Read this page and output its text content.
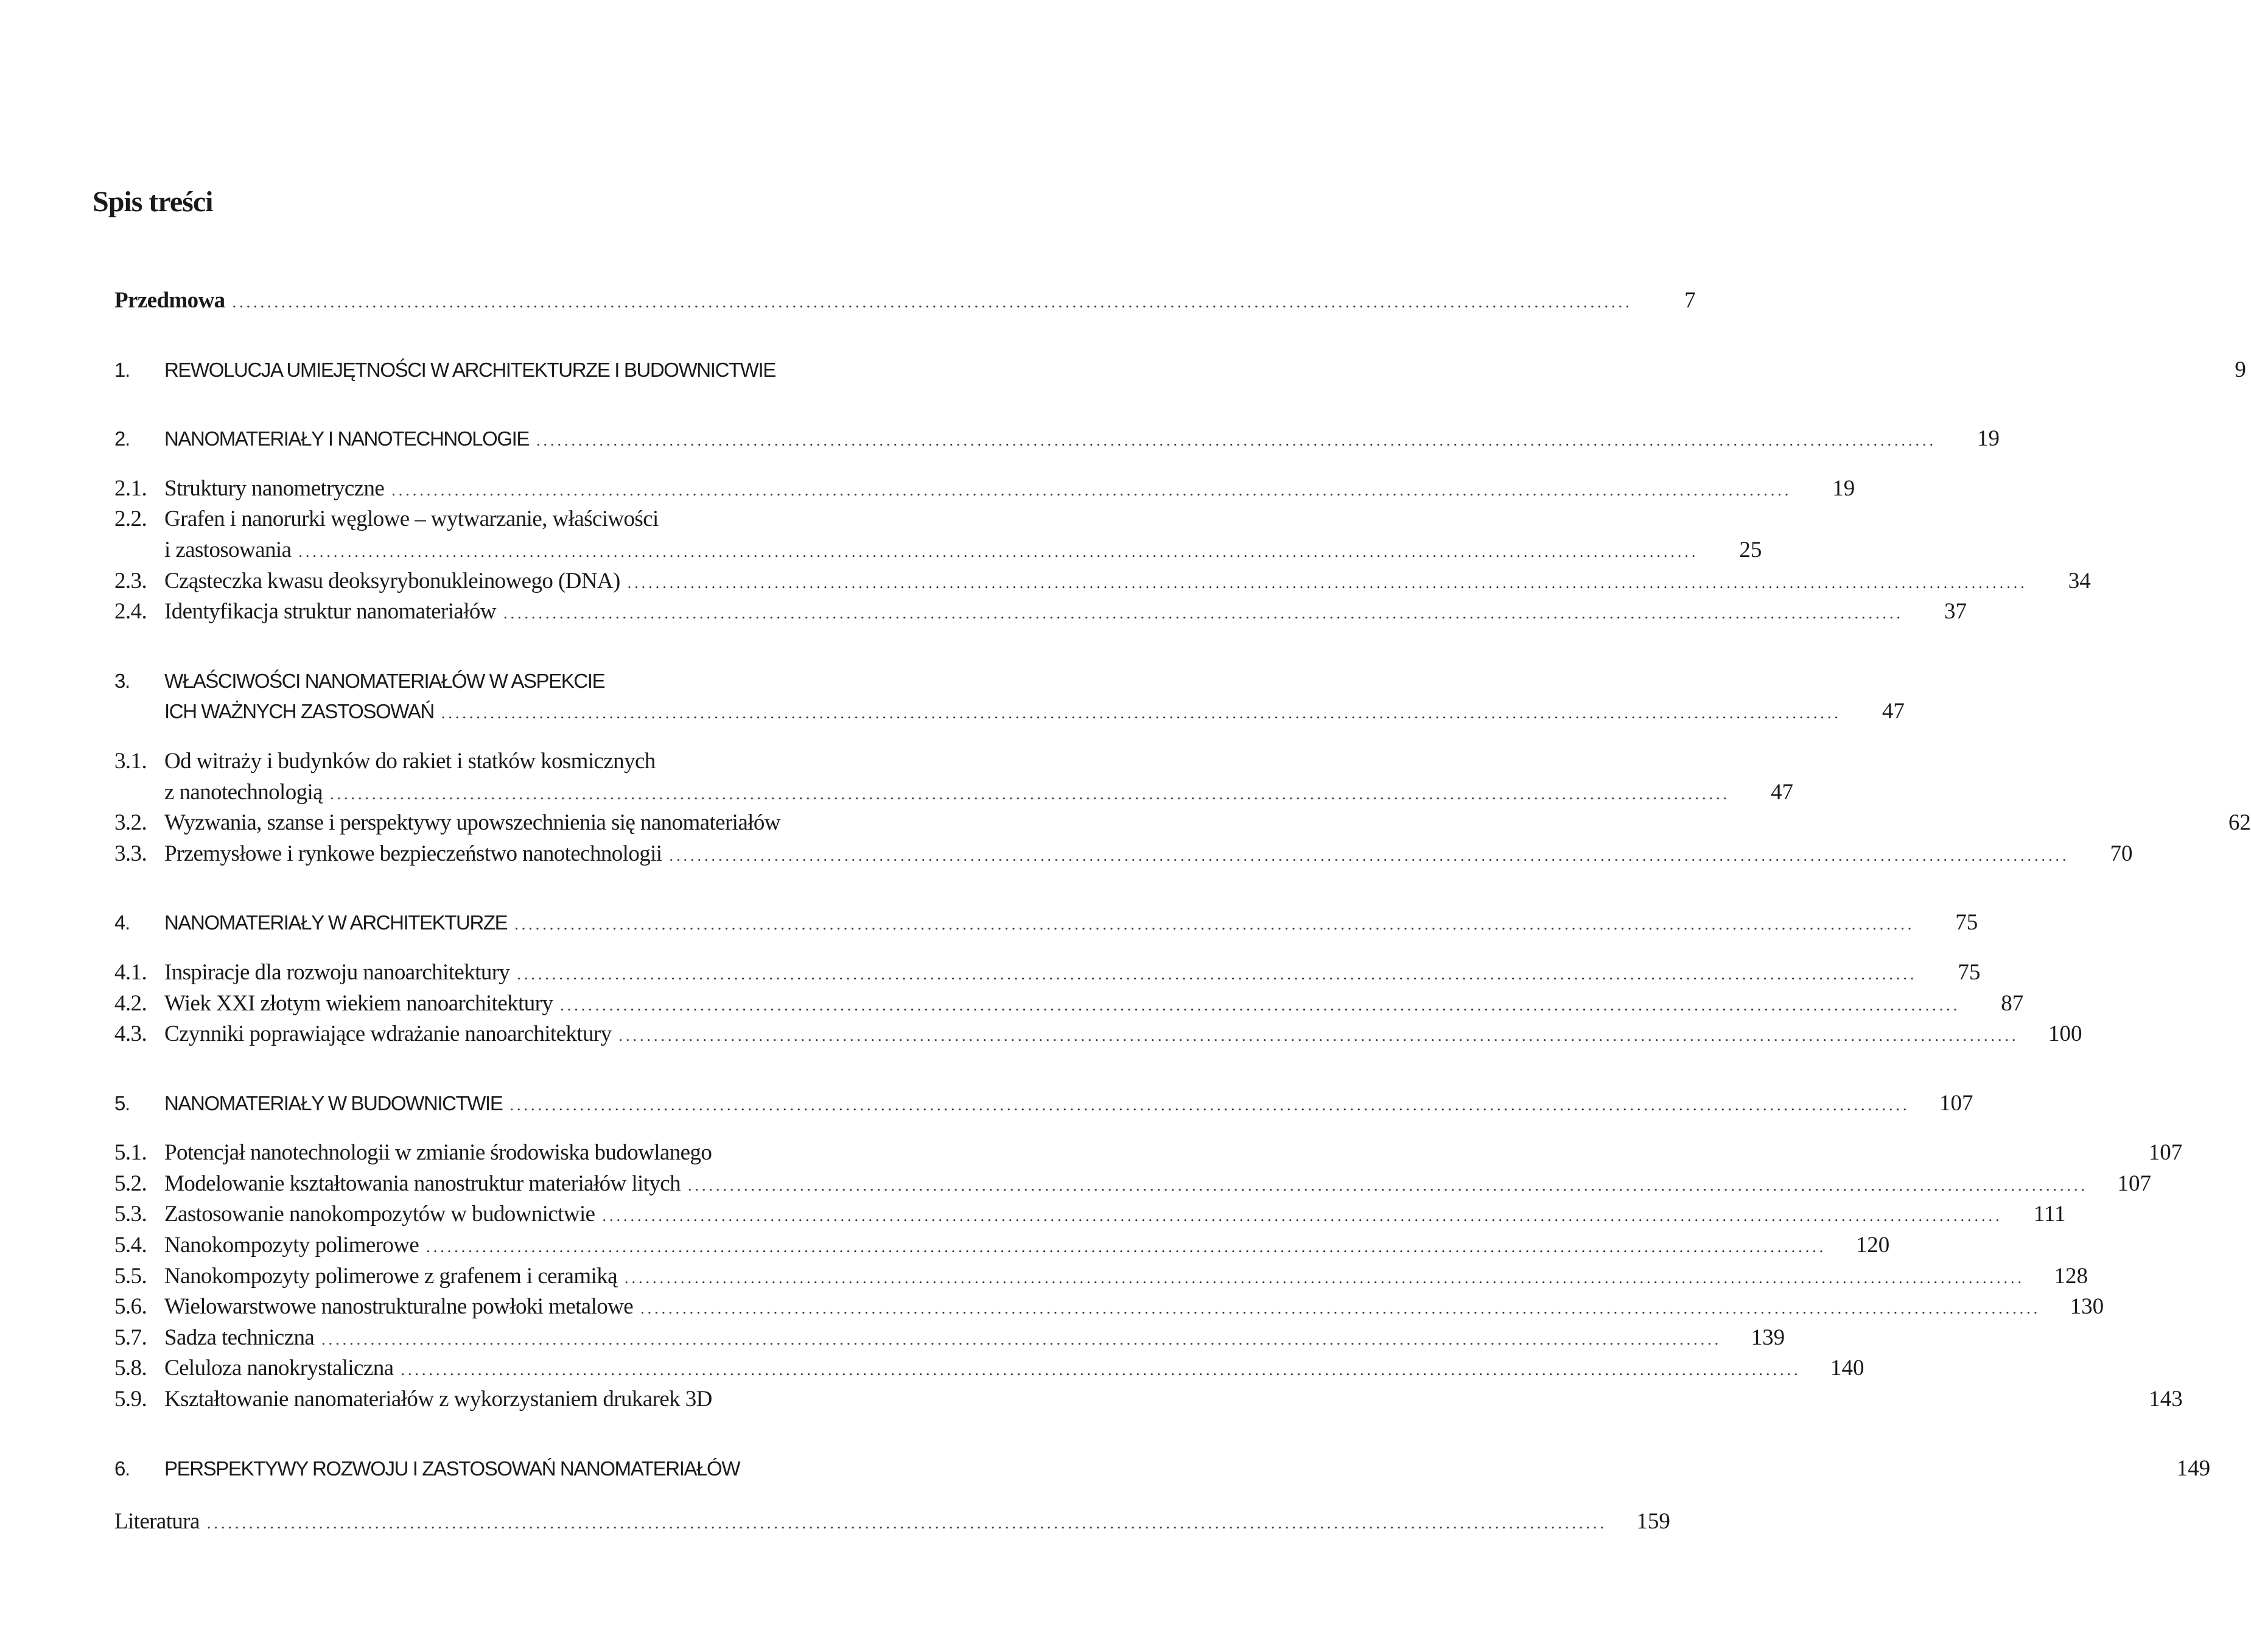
Spis treści
Przedmowa ........................................................................................................................................................................................................	7
1.	REWOLUCJA UMIEJĘTNOŚCI W ARCHITEKTURZE I BUDOWNICTWIE	9
2.	NANOMATERIAŁY I NANOTECHNOLOGIE ........................................................................................................................................................................................................	19
2.1. Struktury nanometryczne ........................................................................................................................................................................................................	19
2.2. Grafen i nanorurki węglowe – wytwarzanie, właściwości
i zastosowania ........................................................................................................................................................................................................	25
2.3. Cząsteczka kwasu deoksyrybonukleinowego (DNA) ........................................................................................................................................................................................................	34
2.4. Identyfikacja struktur nanomateriałów ........................................................................................................................................................................................................	37
3.	WŁAŚCIWOŚCI NANOMATERIAŁÓW W ASPEKCIE
ICH WAŻNYCH ZASTOSOWAŃ ........................................................................................................................................................................................................	47
3.1. Od witraży i budynków do rakiet i statków kosmicznych
z nanotechnologią ........................................................................................................................................................................................................	47
3.2. Wyzwania, szanse i perspektywy upowszechnienia się nanomateriałów	62
3.3. Przemysłowe i rynkowe bezpieczeństwo nanotechnologii ........................................................................................................................................................................................................	70
4.	NANOMATERIAŁY W ARCHITEKTURZE ........................................................................................................................................................................................................	75
4.1. Inspiracje dla rozwoju nanoarchitektury ........................................................................................................................................................................................................	75
4.2. Wiek XXI złotym wiekiem nanoarchitektury ........................................................................................................................................................................................................	87
4.3. Czynniki poprawiające wdrażanie nanoarchitektury ........................................................................................................................................................................................................	100
5.	NANOMATERIAŁY W BUDOWNICTWIE ........................................................................................................................................................................................................	107
5.1. Potencjał nanotechnologii w zmianie środowiska budowlanego	107
5.2. Modelowanie kształtowania nanostruktur materiałów litych ........................................................................................................................................................................................................	107
5.3. Zastosowanie nanokompozytów w budownictwie ........................................................................................................................................................................................................	111
5.4. Nanokompozyty polimerowe ........................................................................................................................................................................................................	120
5.5. Nanokompozyty polimerowe z grafenem i ceramiką ........................................................................................................................................................................................................	128
5.6. Wielowarstwowe nanostrukturalne powłoki metalowe ........................................................................................................................................................................................................	130
5.7. Sadza techniczna ........................................................................................................................................................................................................	139
5.8. Celuloza nanokrystaliczna ........................................................................................................................................................................................................	140
5.9. Kształtowanie nanomateriałów z wykorzystaniem drukarek 3D	143
6.	PERSPEKTYWY ROZWOJU I ZASTOSOWAŃ NANOMATERIAŁÓW	149
Literatura ........................................................................................................................................................................................................	159
